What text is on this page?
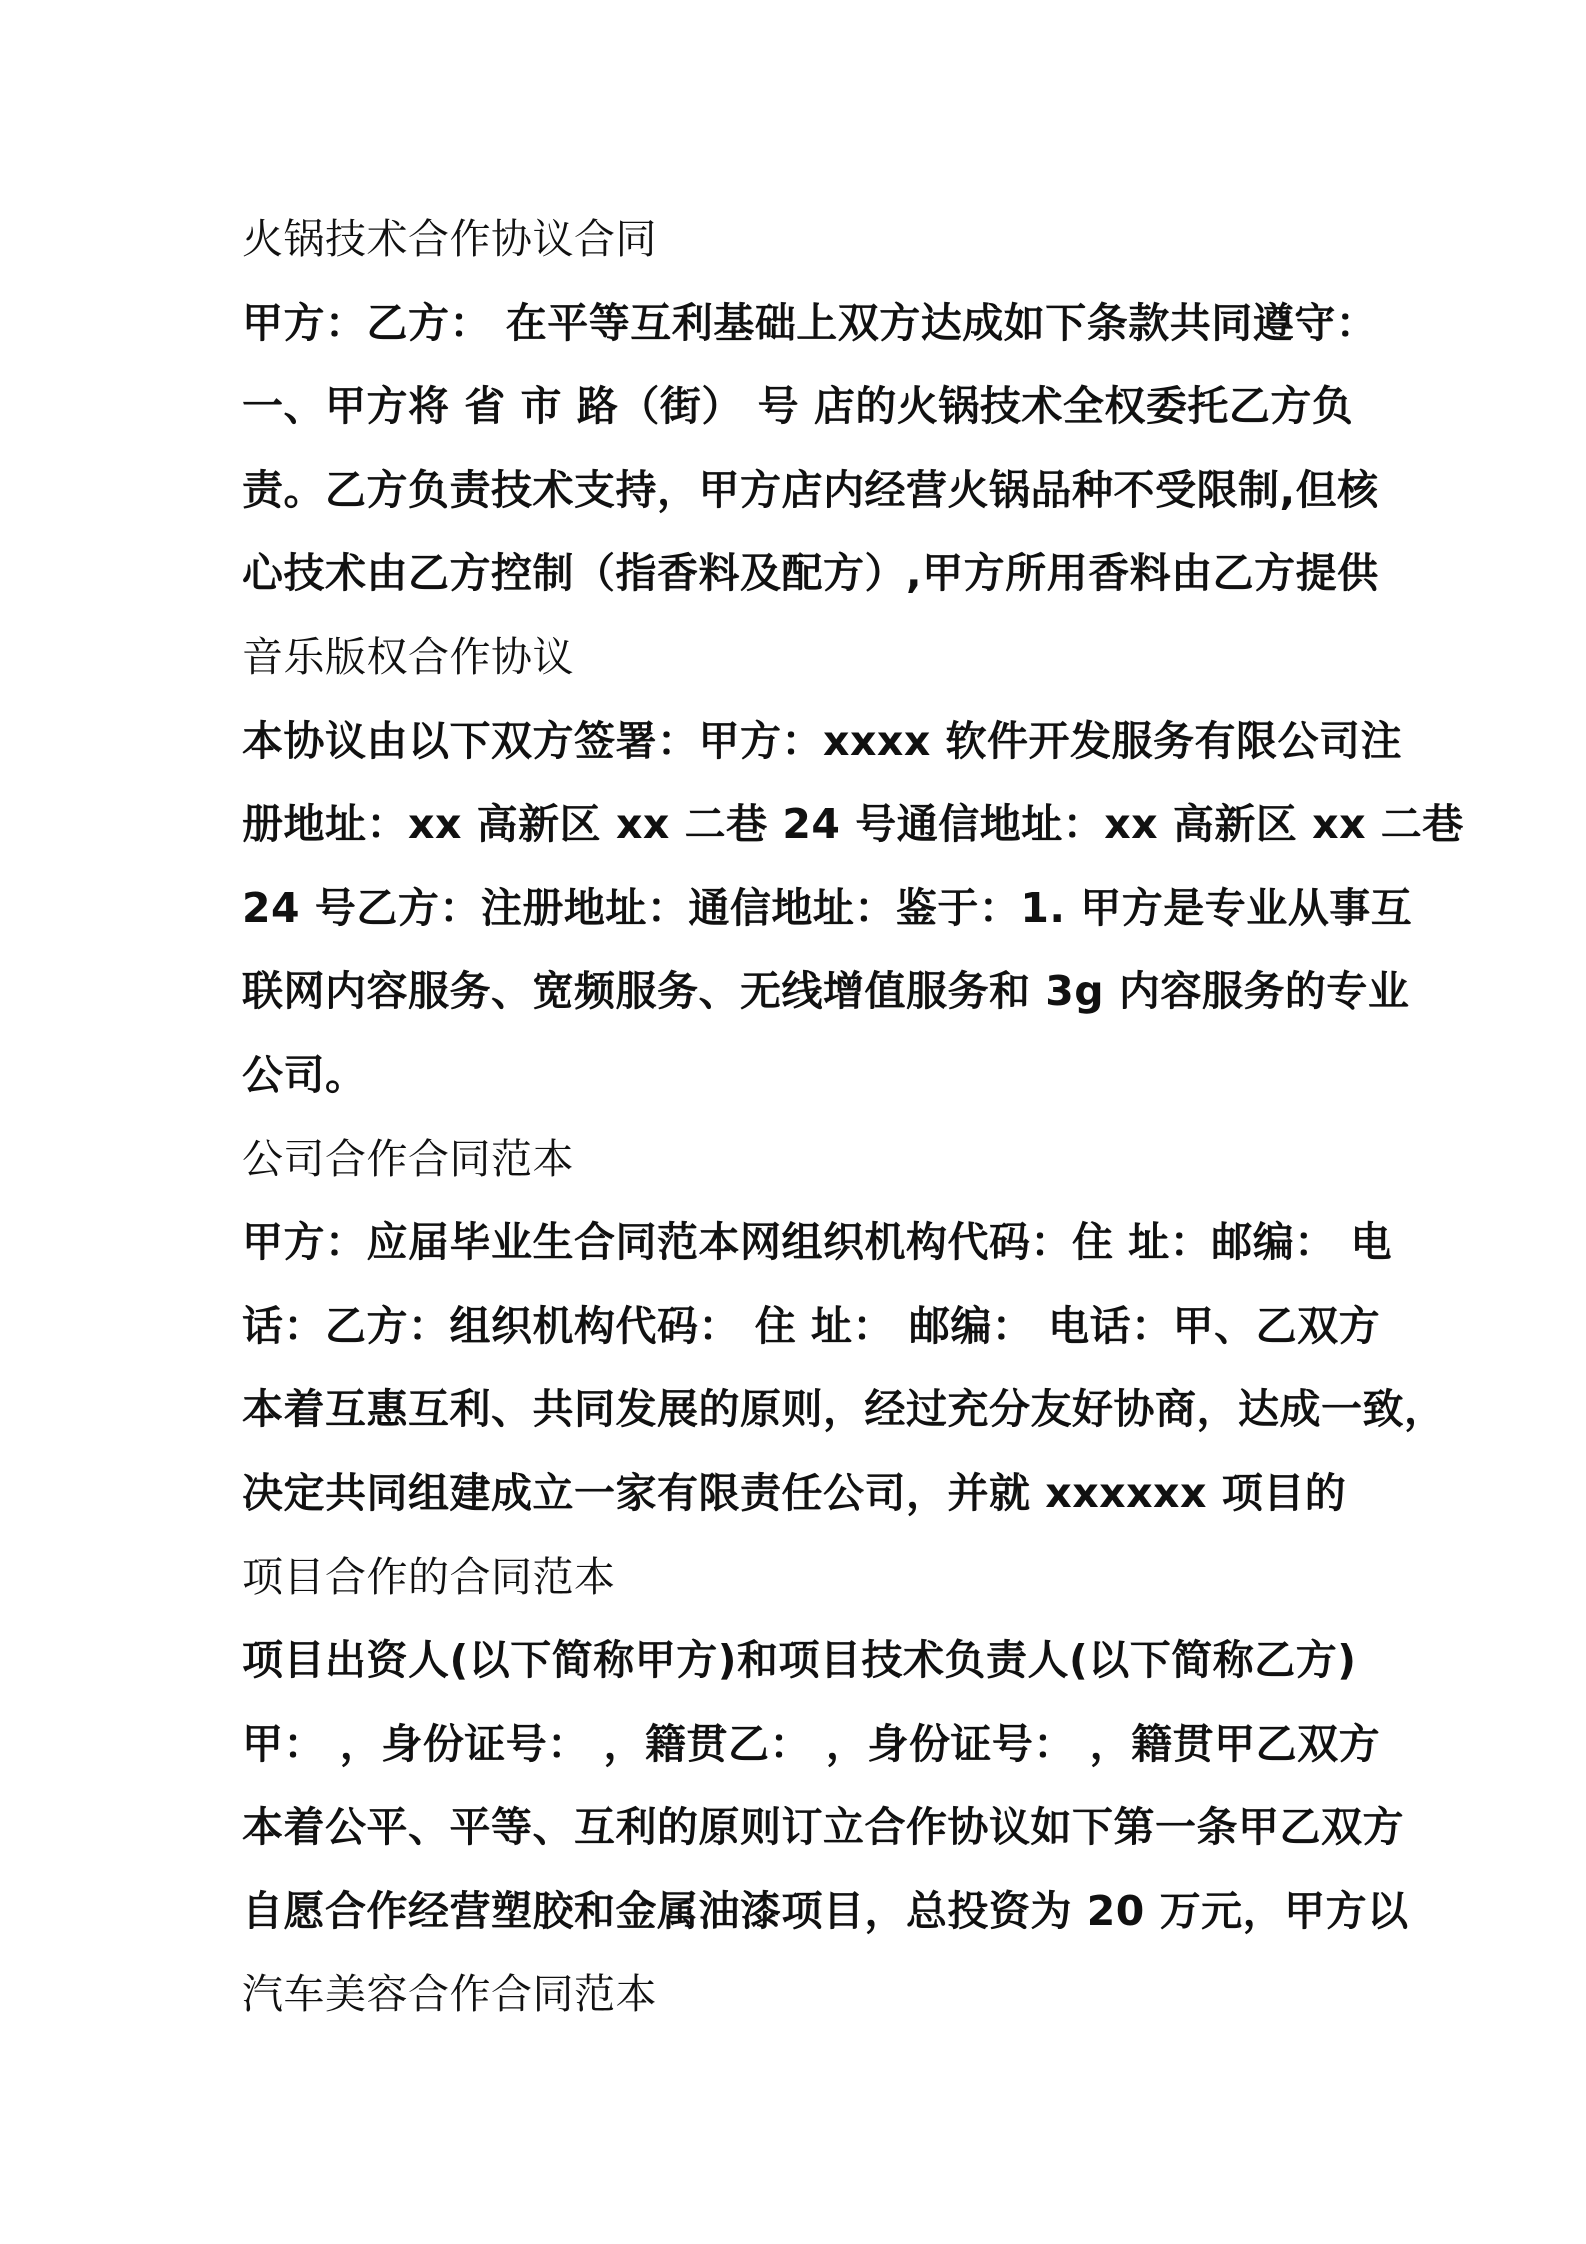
火锅技术合作协议合同
甲方：乙方： 在平等互利基础上双方达成如下条款共同遵守：
一、甲方将 省 市 路（街） 号 店的火锅技术全权委托乙方负
责。乙方负责技术支持，甲方店内经营火锅品种不受限制,但核
心技术由乙方控制（指香料及配方）,甲方所用香料由乙方提供
音乐版权合作协议
本协议由以下双方签署：甲方：xxxx 软件开发服务有限公司注
册地址：xx 高新区 xx 二巷 24 号通信地址：xx 高新区 xx 二巷
24 号乙方：注册地址：通信地址：鉴于：1. 甲方是专业从事互
联网内容服务、宽频服务、无线增值服务和 3g 内容服务的专业
公司。
公司合作合同范本
甲方：应届毕业生合同范本网组织机构代码：住 址：邮编： 电
话：乙方：组织机构代码： 住 址： 邮编： 电话：甲、乙双方
本着互惠互利、共同发展的原则，经过充分友好协商，达成一致，
决定共同组建成立一家有限责任公司，并就 xxxxxx 项目的
项目合作的合同范本
项目出资人(以下简称甲方)和项目技术负责人(以下简称乙方)
甲： ，身份证号： ，籍贯乙： ，身份证号： ，籍贯甲乙双方
本着公平、平等、互利的原则订立合作协议如下第一条甲乙双方
自愿合作经营塑胶和金属油漆项目，总投资为 20 万元，甲方以
汽车美容合作合同范本
